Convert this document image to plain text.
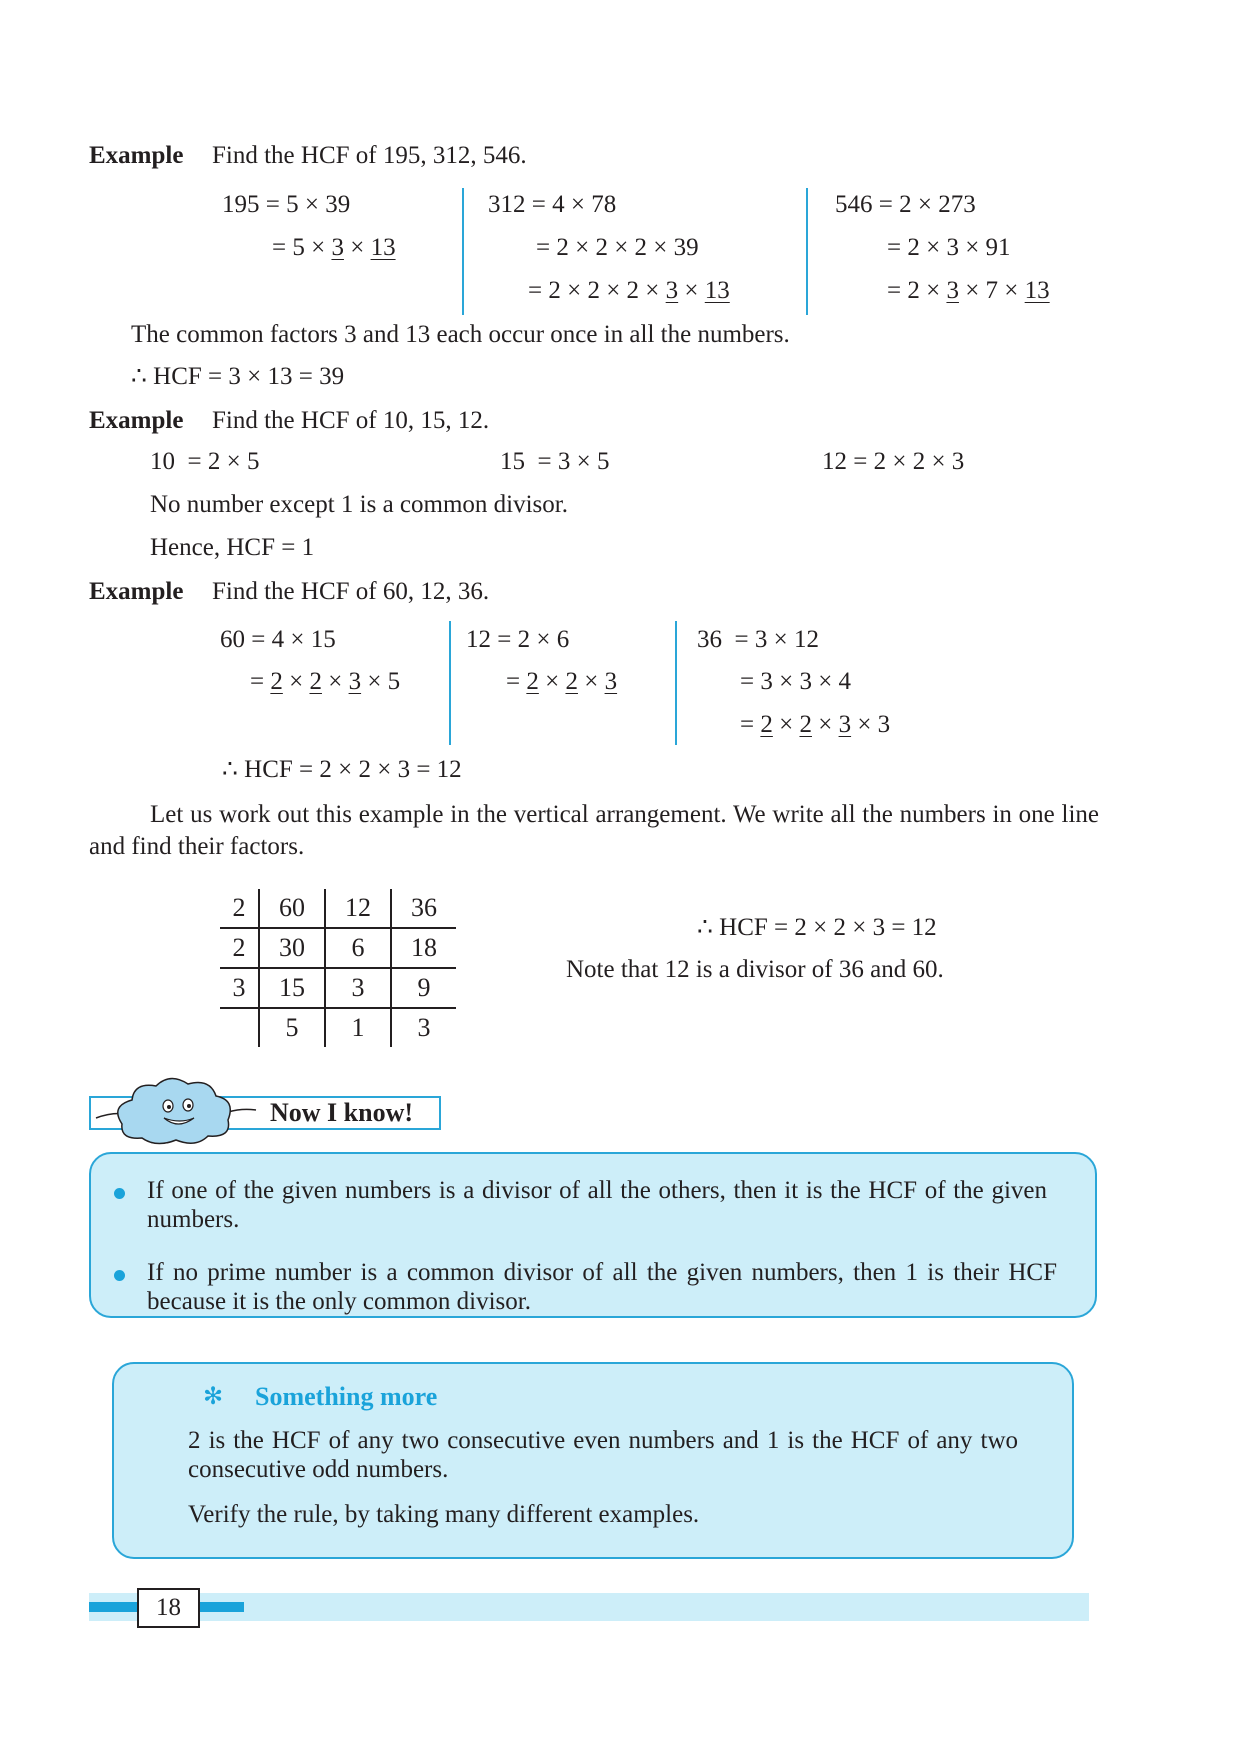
Example Find the HCF of 195, 312, 546.
195 = 5 × 39
= 5 × 3 × 13
312 = 4 × 78
= 2 × 2 × 2 × 39
= 2 × 2 × 2 × 3 × 13
546 = 2 × 273
= 2 × 3 × 91
= 2 × 3 × 7 × 13
The common factors 3 and 13 each occur once in all the numbers.
∴ HCF = 3 × 13 = 39
Example Find the HCF of 10, 15, 12.
10  = 2 × 5	15  = 3 × 5	12 = 2 × 2 × 3
No number except 1 is a common divisor.
Hence, HCF = 1
Example Find the HCF of 60, 12, 36.
60 = 4 × 15
= 2 × 2 × 3 × 5
12 = 2 × 6
= 2 × 2 × 3
36  = 3 × 12
= 3 × 3 × 4
= 2 × 2 × 3 × 3
∴ HCF = 2 × 2 × 3 = 12
Let us work out this example in the vertical arrangement. We write all the numbers in one line and find their factors.
2	60	12	36
2	30	6	18
3	15	3	9
	5	1	3
∴ HCF = 2 × 2 × 3 = 12
Note that 12 is a divisor of 36 and 60.
Now I know!
If one of the given numbers is a divisor of all the others, then it is the HCF of the given numbers.
If no prime number is a common divisor of all the given numbers, then 1 is their HCF because it is the only common divisor.
✻ Something more
2 is the HCF of any two consecutive even numbers and 1 is the HCF of any two consecutive odd numbers.
Verify the rule, by taking many different examples.
18
